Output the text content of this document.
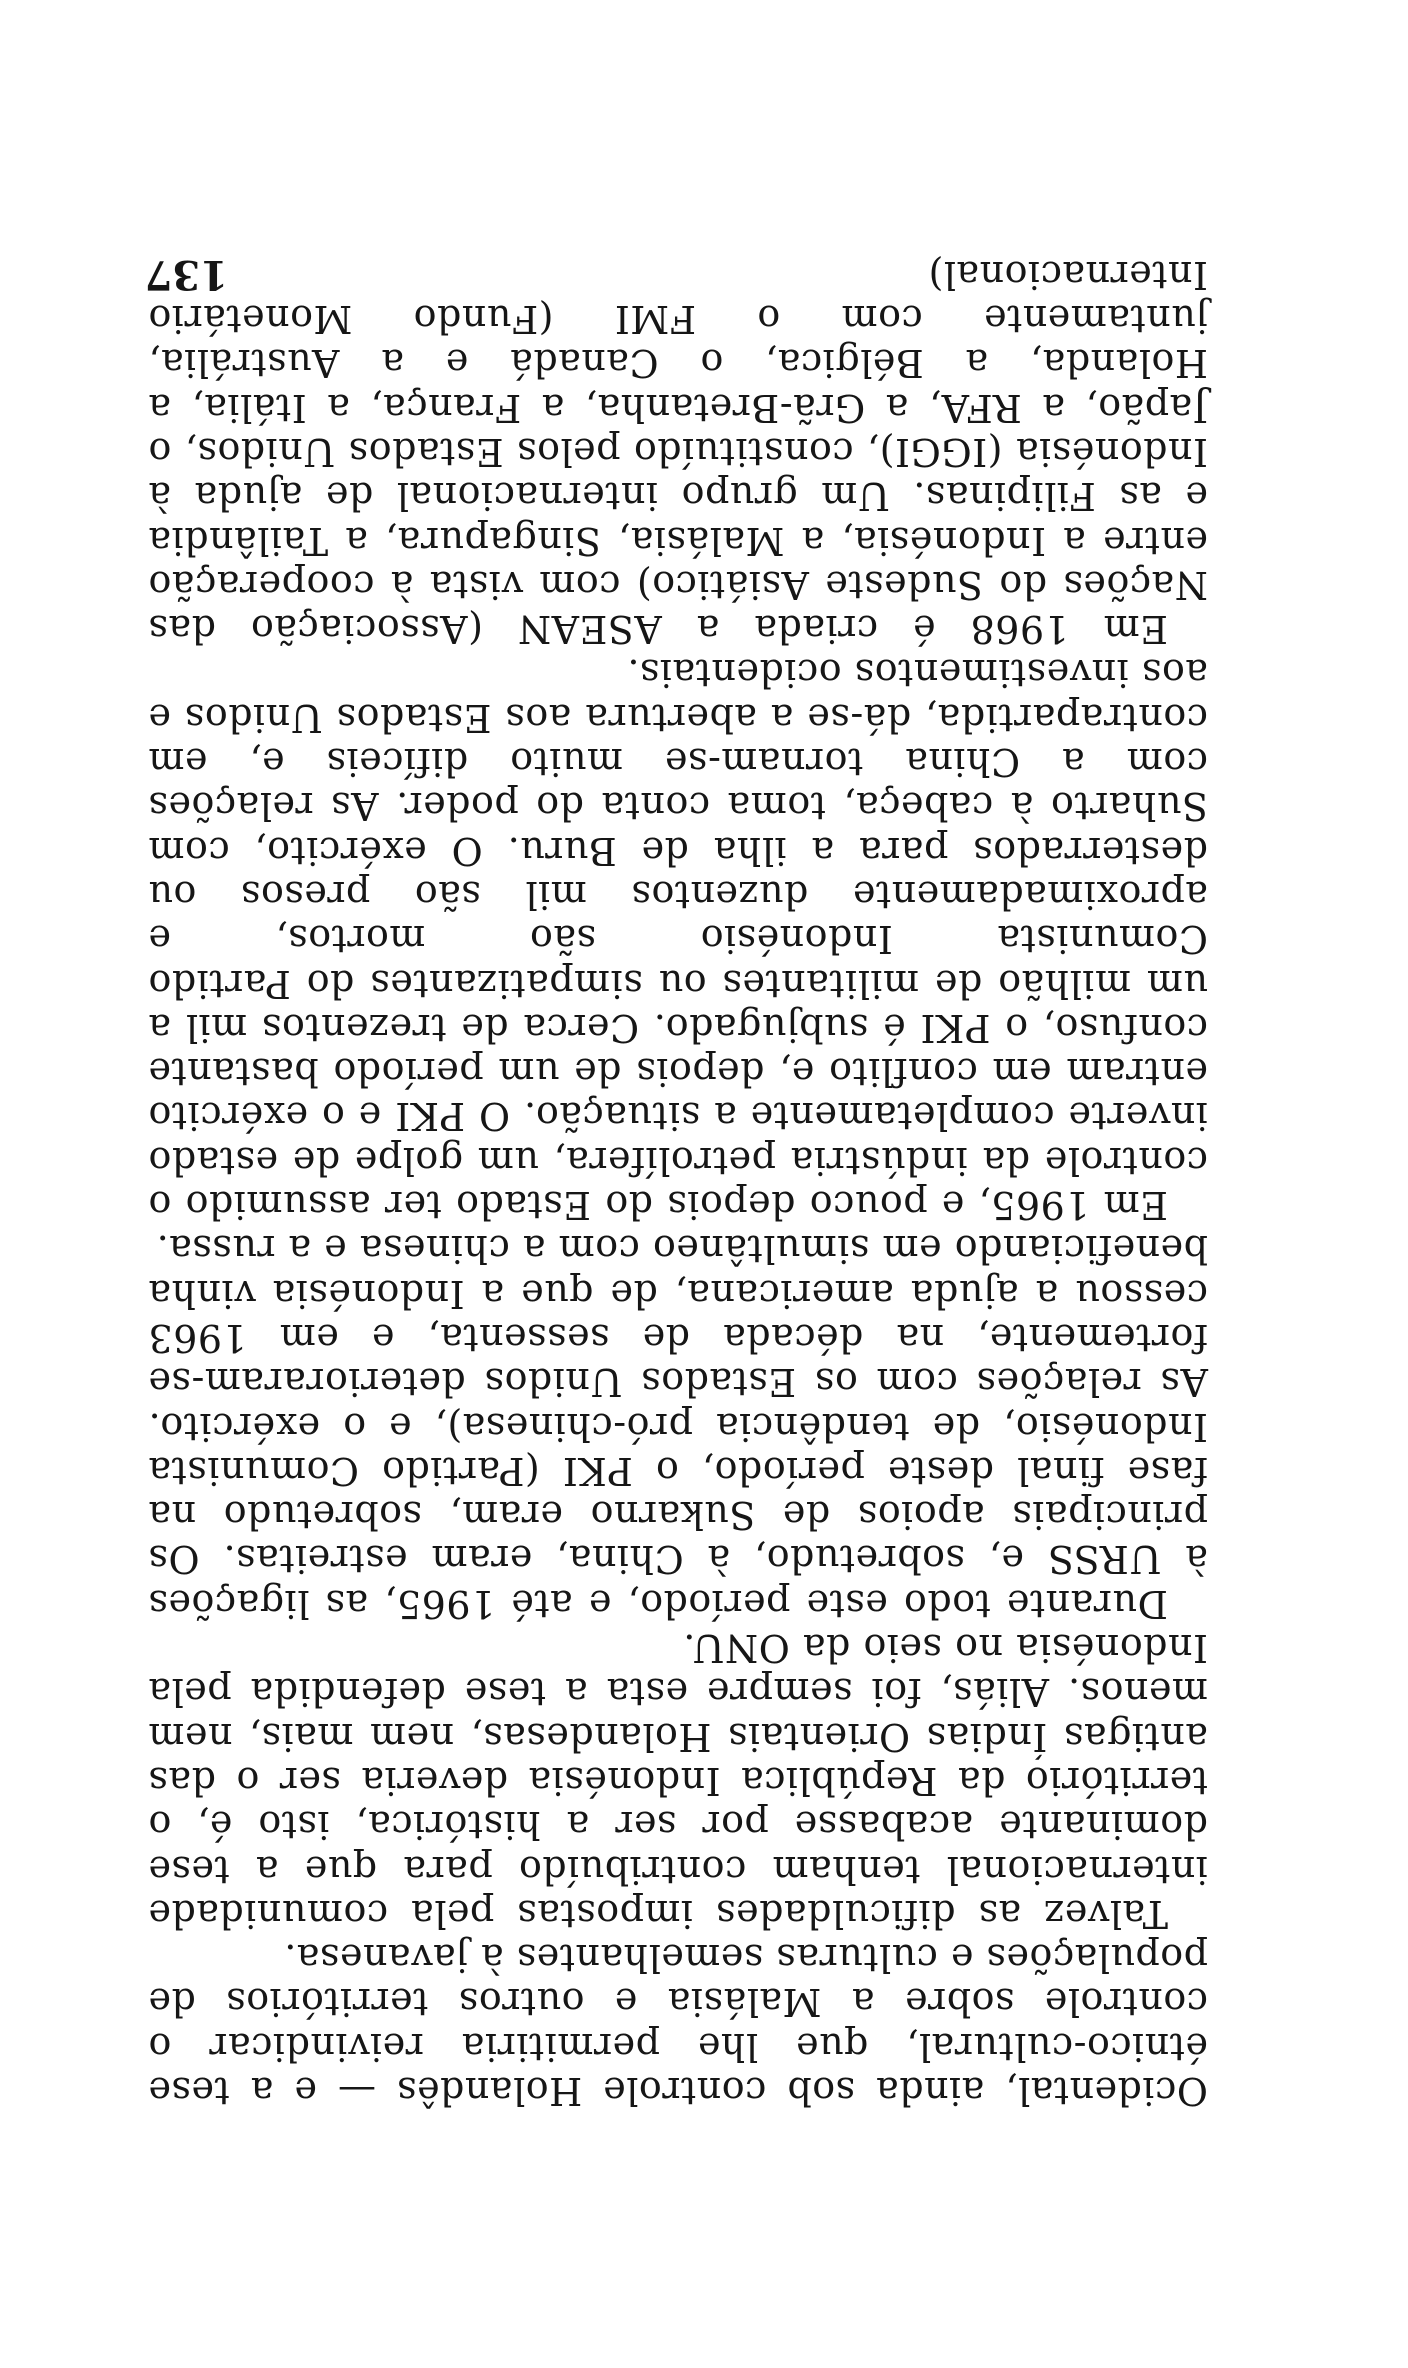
Ocidental, ainda sob controle Holandês — e a tese étnico-cultural, que lhe permitiria reivindicar o controle sobre a Malásia e outros territórios de populações e culturas semelhantes à javanesa.

Talvez as dificuldades impostas pela comunidade internacional tenham contribuído para que a tese dominante acabasse por ser a histórica, isto é, o território da República Indonésia deveria ser o das antigas Índias Orientais Holandesas, nem mais, nem menos. Aliás, foi sempre esta a tese defendida pela Indonésia no seio da ONU.

Durante todo este período, e até 1965, as ligações à URSS e, sobretudo, à China, eram estreitas. Os principais apoios de Sukarno eram, sobretudo na fase final deste período, o PKI (Partido Comunista Indonésio, de tendência pró-chinesa), e o exército. As relações com os Estados Unidos deterioraram-se fortemente, na década de sessenta, e em 1963 cessou a ajuda americana, de que a Indonésia vinha beneficiando em simultâneo com a chinesa e a russa.

Em 1965, e pouco depois do Estado ter assumido o controle da indústria petrolífera, um golpe de estado inverte completamente a situação. O PKI e o exército entram em conflito e, depois de um período bastante confuso, o PKI é subjugado. Cerca de trezentos mil a um milhão de militantes ou simpatizantes do Partido Comunista Indonésio são mortos, e aproximadamente duzentos mil são presos ou desterrados para a ilha de Buru. O exército, com Suharto à cabeça, toma conta do poder. As relações com a China tornam-se muito difíceis e, em contrapartida, dá-se a abertura aos Estados Unidos e aos investimentos ocidentais.

Em 1968 é criada a ASEAN (Associação das Nações do Sudeste Asiático) com vista à cooperação entre a Indonésia, a Malásia, Singapura, a Tailândia e as Filipinas. Um grupo internacional de ajuda à Indonésia (IGGI), constituído pelos Estados Unidos, o Japão, a RFA, a Grã-Bretanha, a França, a Itália, a Holanda, a Bélgica, o Canadá e a Austrália, juntamente com o FMI (Fundo Monetário Internacional)

137
